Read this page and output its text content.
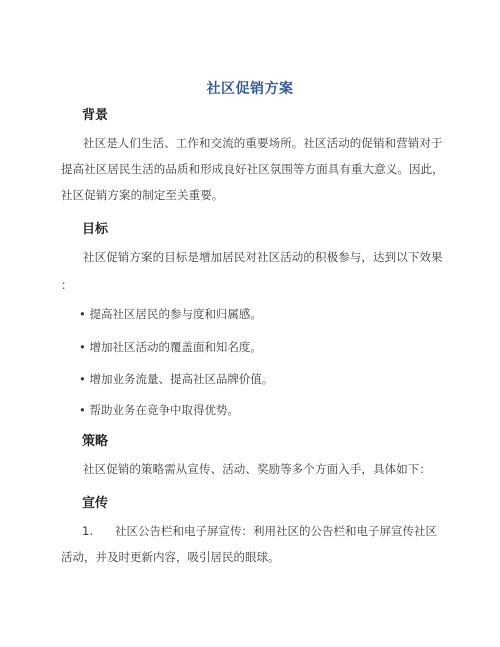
社区促销方案
背景
社区是人们生活、工作和交流的重要场所。社区活动的促销和营销对于提高社区居民生活的品质和形成良好社区氛围等方面具有重大意义。因此，社区促销方案的制定至关重要。
目标
社区促销方案的目标是增加居民对社区活动的积极参与，达到以下效果
：
• 提高社区居民的参与度和归属感。
• 增加社区活动的覆盖面和知名度。
• 增加业务流量、提高社区品牌价值。
• 帮助业务在竞争中取得优势。
策略
社区促销的策略需从宣传、活动、奖励等多个方面入手，具体如下：
宣传
1. 社区公告栏和电子屏宣传：利用社区的公告栏和电子屏宣传社区活动，并及时更新内容，吸引居民的眼球。
